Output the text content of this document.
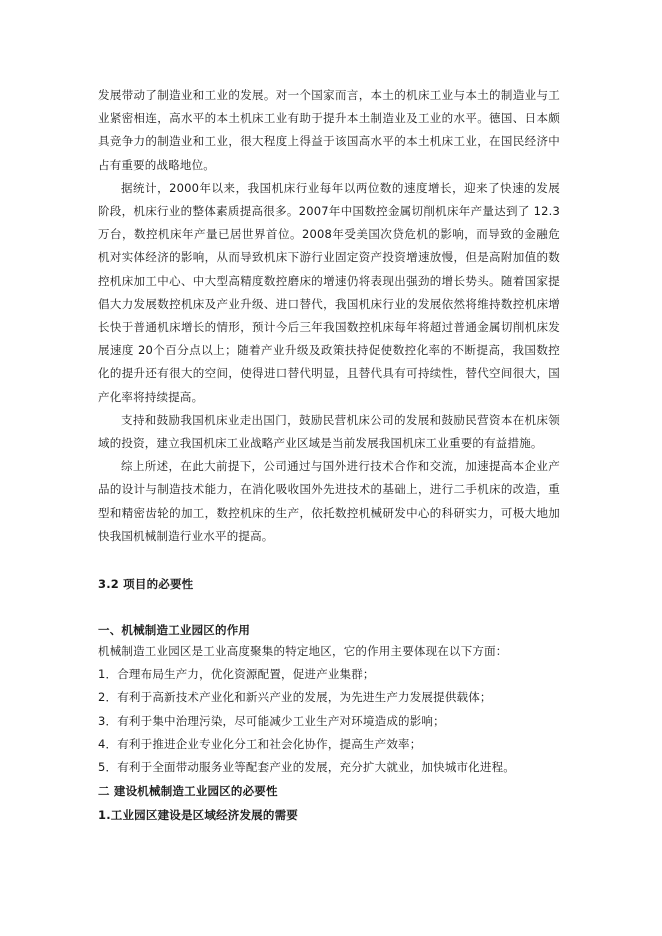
发展带动了制造业和工业的发展。对一个国家而言，本土的机床工业与本土的制造业与工业紧密相连，高水平的本土机床工业有助于提升本土制造业及工业的水平。德国、日本颇具竞争力的制造业和工业，很大程度上得益于该国高水平的本土机床工业，在国民经济中占有重要的战略地位。

据统计，2000年以来，我国机床行业每年以两位数的速度增长，迎来了快速的发展阶段，机床行业的整体素质提高很多。2007年中国数控金属切削机床年产量达到了 12.3万台，数控机床年产量已居世界首位。2008年受美国次贷危机的影响，而导致的金融危机对实体经济的影响，从而导致机床下游行业固定资产投资增速放慢，但是高附加值的数控机床加工中心、中大型高精度数控磨床的增速仍将表现出强劲的增长势头。随着国家提倡大力发展数控机床及产业升级、进口替代，我国机床行业的发展依然将维持数控机床增长快于普通机床增长的情形，预计今后三年我国数控机床每年将超过普通金属切削机床发展速度 20个百分点以上；随着产业升级及政策扶持促使数控化率的不断提高，我国数控化的提升还有很大的空间，使得进口替代明显，且替代具有可持续性，替代空间很大，国产化率将持续提高。

支持和鼓励我国机床业走出国门，鼓励民营机床公司的发展和鼓励民营资本在机床领域的投资，建立我国机床工业战略产业区域是当前发展我国机床工业重要的有益措施。

综上所述，在此大前提下，公司通过与国外进行技术合作和交流，加速提高本企业产品的设计与制造技术能力，在消化吸收国外先进技术的基础上，进行二手机床的改造，重型和精密齿轮的加工，数控机床的生产，依托数控机械研发中心的科研实力，可极大地加快我国机械制造行业水平的提高。

3.2 项目的必要性

一、机械制造工业园区的作用

机械制造工业园区是工业高度聚集的特定地区，它的作用主要体现在以下方面：

1．合理布局生产力，优化资源配置，促进产业集群；

2．有利于高新技术产业化和新兴产业的发展，为先进生产力发展提供载体；

3．有利于集中治理污染，尽可能减少工业生产对环境造成的影响；

4．有利于推进企业专业化分工和社会化协作，提高生产效率；

5．有利于全面带动服务业等配套产业的发展，充分扩大就业，加快城市化进程。

二 建设机械制造工业园区的必要性

1.工业园区建设是区域经济发展的需要
